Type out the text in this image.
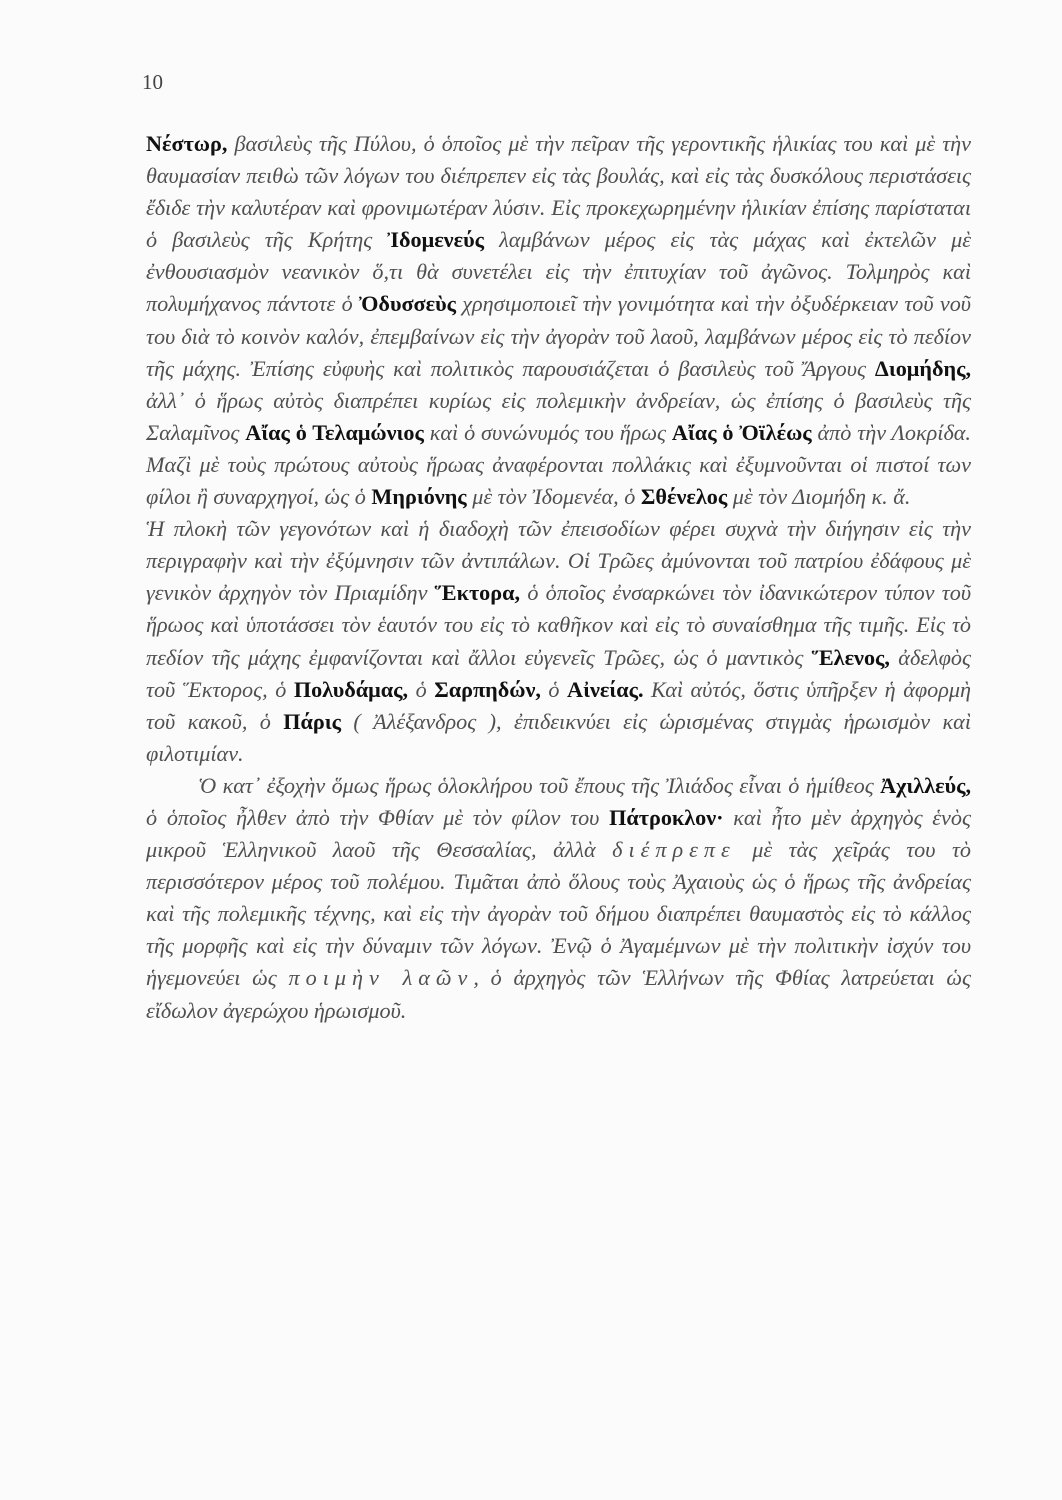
10

Νέστωρ, βασιλεὺς τῆς Πύλου, ὁ ὁποῖος μὲ τὴν πεῖραν τῆς γεροντικῆς ἡλικίας του καὶ μὲ τὴν θαυμασίαν πειθὼ τῶν λόγων του διέπρεπεν εἰς τὰς βουλάς, καὶ εἰς τὰς δυσκόλους περιστάσεις ἔδιδε τὴν καλυτέραν καὶ φρονιμωτέραν λύσιν. Εἰς προκεχωρημένην ἡλικίαν ἐπίσης παρίσταται ὁ βασιλεὺς τῆς Κρήτης Ἰδομενεύς λαμβάνων μέρος εἰς τὰς μάχας καὶ ἐκτελῶν μὲ ἐνθουσιασμὸν νεανικὸν ὅ,τι θὰ συνετέλει εἰς τὴν ἐπιτυχίαν τοῦ ἀγῶνος. Τολμηρὸς καὶ πολυμήχανος πάντοτε ὁ Ὀδυσσεὺς χρησιμοποιεῖ τὴν γονιμότητα καὶ τὴν ὀξυδέρκειαν τοῦ νοῦ του διὰ τὸ κοινὸν καλόν, ἐπεμβαίνων εἰς τὴν ἀγορὰν τοῦ λαοῦ, λαμβάνων μέρος εἰς τὸ πεδίον τῆς μάχης. Ἐπίσης εὐφυὴς καὶ πολιτικὸς παρουσιάζεται ὁ βασιλεὺς τοῦ Ἄργους Διομήδης, ἀλλ᾽ ὁ ἥρως αὐτὸς διαπρέπει κυρίως εἰς πολεμικὴν ἀνδρείαν, ὡς ἐπίσης ὁ βασιλεὺς τῆς Σαλαμῖνος Αἴας ὁ Τελαμώνιος καὶ ὁ συνώνυμός του ἥρως Αἴας ὁ Ὀϊλέως ἀπὸ τὴν Λοκρίδα. Μαζὶ μὲ τοὺς πρώτους αὐτοὺς ἥρωας ἀναφέρονται πολλάκις καὶ ἐξυμνοῦνται οἱ πιστοί των φίλοι ἢ συναρχηγοί, ὡς ὁ Μηριόνης μὲ τὸν Ἰδομενέα, ὁ Σθένελος μὲ τὸν Διομήδη κ. ἄ.

Ἡ πλοκὴ τῶν γεγονότων καὶ ἡ διαδοχὴ τῶν ἐπεισοδίων φέρει συχνὰ τὴν διήγησιν εἰς τὴν περιγραφὴν καὶ τὴν ἐξύμνησιν τῶν ἀντιπάλων. Οἱ Τρῶες ἀμύνονται τοῦ πατρίου ἐδάφους μὲ γενικὸν ἀρχηγὸν τὸν Πριαμίδην Ἕκτορα, ὁ ὁποῖος ἐνσαρκώνει τὸν ἰδανικώτερον τύπον τοῦ ἥρωος καὶ ὑποτάσσει τὸν ἑαυτόν του εἰς τὸ καθῆκον καὶ εἰς τὸ συναίσθημα τῆς τιμῆς. Εἰς τὸ πεδίον τῆς μάχης ἐμφανίζονται καὶ ἄλλοι εὐγενεῖς Τρῶες, ὡς ὁ μαντικὸς Ἕλενος, ἀδελφὸς τοῦ Ἕκτορος, ὁ Πολυδάμας, ὁ Σαρπηδών, ὁ Αἰνείας. Καὶ αὐτός, ὅστις ὑπῆρξεν ἡ ἀφορμὴ τοῦ κακοῦ, ὁ Πάρις ( Ἀλέξανδρος ), ἐπιδεικνύει εἰς ὡρισμένας στιγμὰς ἡρωισμὸν καὶ φιλοτιμίαν.

Ὁ κατ᾽ ἐξοχὴν ὅμως ἥρως ὁλοκλήρου τοῦ ἔπους τῆς Ἰλιάδος εἶναι ὁ ἡμίθεος Ἀχιλλεύς, ὁ ὁποῖος ἦλθεν ἀπὸ τὴν Φθίαν μὲ τὸν φίλον του Πάτροκλον· καὶ ἦτο μὲν ἀρχηγὸς ἑνὸς μικροῦ Ἑλληνικοῦ λαοῦ τῆς Θεσσαλίας, ἀλλὰ διέπρεπε μὲ τὰς χεῖράς του τὸ περισσότερον μέρος τοῦ πολέμου. Τιμᾶται ἀπὸ ὅλους τοὺς Ἀχαιοὺς ὡς ὁ ἥρως τῆς ἀνδρείας καὶ τῆς πολεμικῆς τέχνης, καὶ εἰς τὴν ἀγορὰν τοῦ δήμου διαπρέπει θαυμαστὸς εἰς τὸ κάλλος τῆς μορφῆς καὶ εἰς τὴν δύναμιν τῶν λόγων. Ἐνῷ ὁ Ἀγαμέμνων μὲ τὴν πολιτικὴν ἰσχύν του ἡγεμονεύει ὡς ποιμὴν λαῶν, ὁ ἀρχηγὸς τῶν Ἑλλήνων τῆς Φθίας λατρεύεται ὡς εἴδωλον ἀγερώχου ἡρωισμοῦ.
